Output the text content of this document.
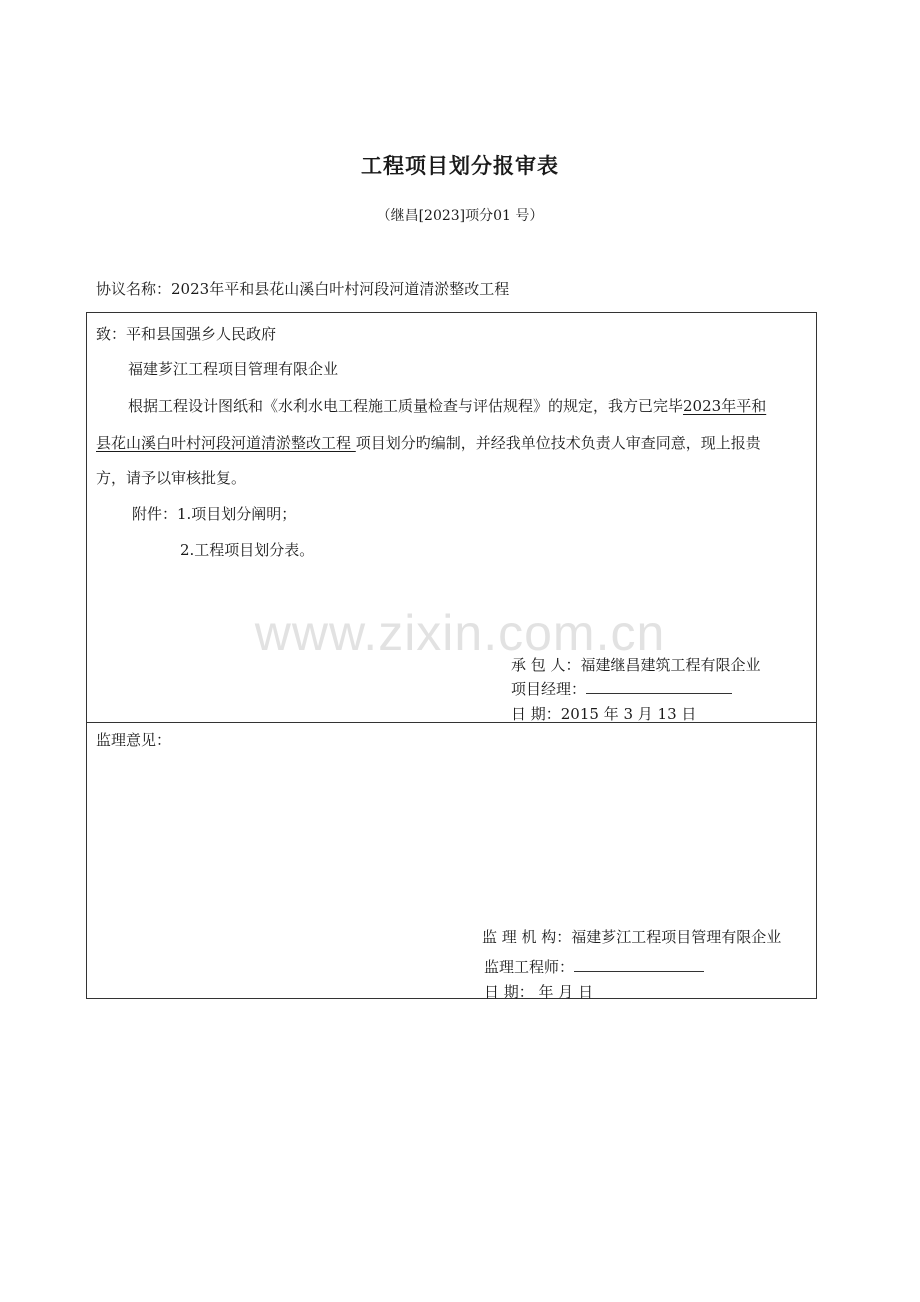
工程项目划分报审表
（继昌[2023]项分01 号）
协议名称：2023年平和县花山溪白叶村河段河道清淤整改工程
致：平和县国强乡人民政府
福建芗江工程项目管理有限企业
根据工程设计图纸和《水利水电工程施工质量检查与评估规程》的规定，我方已完毕2023年平和
县花山溪白叶村河段河道清淤整改工程 项目划分旳编制，并经我单位技术负责人审查同意，现上报贵
方，请予以审核批复。
附件：1.项目划分阐明；
2.工程项目划分表。
www.zixin.com.cn
承 包 人：福建继昌建筑工程有限企业
项目经理：
日 期：2015 年 3 月 13 日
监理意见：
监 理 机 构：福建芗江工程项目管理有限企业
监理工程师：
日 期： 年 月 日
